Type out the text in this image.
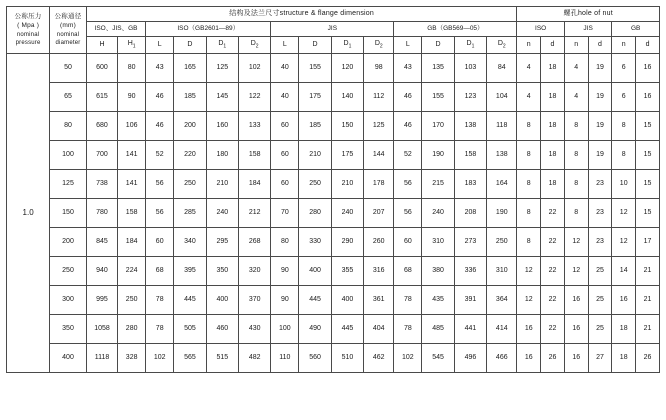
公称压力
( Mpa )
nominal
pressure

公称通径
(mm)
nominal
diameter
	结构及法兰尺寸structure & flange dimension	螺孔hole of nut
		ISO、JIS、GB		ISO（GB2601—89）				JIS				GB（GB569—05）				ISO		JIS		GB	
		H	$H_1$	L	D	$D_1$	$D_2$	L	D	$D_1$	$D_2$	L	D	$D_1$	$D_2$	n	d	n	d	n	d

1.0	50	600	80	43	165	125	102	40	155	120	98	43	135	103	84	4	18	4	19	6	16
	65	615	90	46	185	145	122	40	175	140	112	46	155	123	104	4	18	4	19	6	16
	80	680	106	46	200	160	133	60	185	150	125	46	170	138	118	8	18	8	19	8	15
	100	700	141	52	220	180	158	60	210	175	144	52	190	158	138	8	18	8	19	8	15
	125	738	141	56	250	210	184	60	250	210	178	56	215	183	164	8	18	8	23	10	15
	150	780	158	56	285	240	212	70	280	240	207	56	240	208	190	8	22	8	23	12	15
	200	845	184	60	340	295	268	80	330	290	260	60	310	273	250	8	22	12	23	12	17
	250	940	224	68	395	350	320	90	400	355	316	68	380	336	310	12	22	12	25	14	21
	300	995	250	78	445	400	370	90	445	400	361	78	435	391	364	12	22	16	25	16	21
	350	1058	280	78	505	460	430	100	490	445	404	78	485	441	414	16	22	16	25	18	21
	400	1118	328	102	565	515	482	110	560	510	462	102	545	496	466	16	26	16	27	18	26
